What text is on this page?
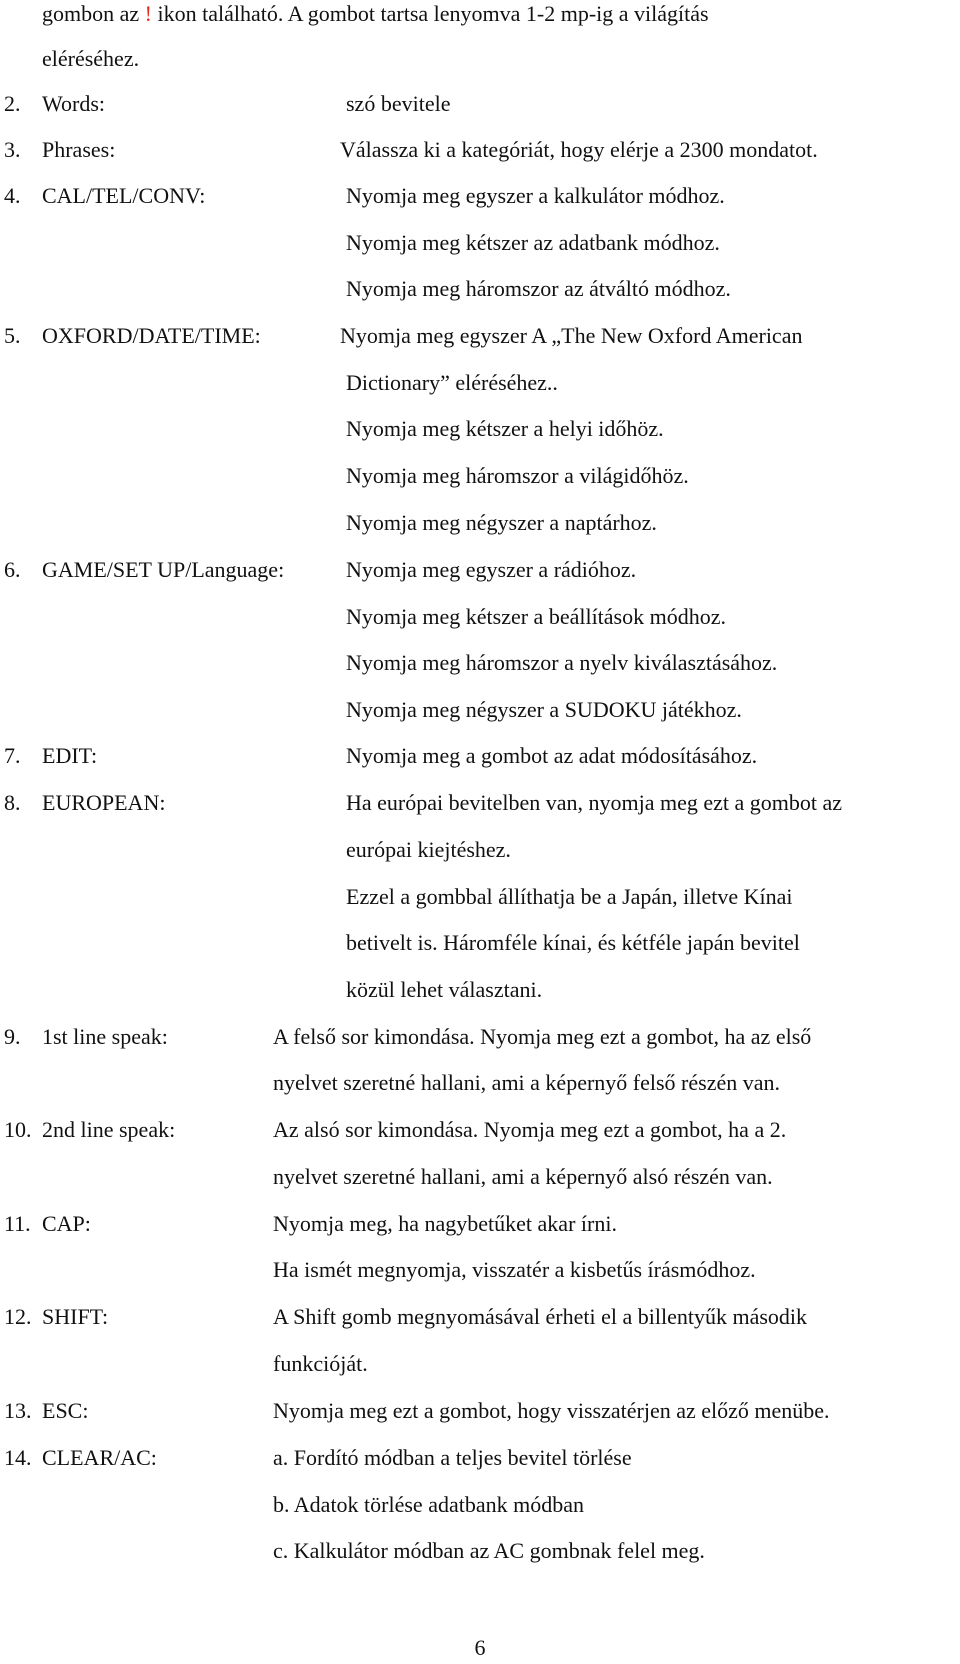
gombon az ! ikon található. A gombot tartsa lenyomva 1-2 mp-ig a világítás
eléréséhez.
2. Words:	szó bevitele
3. Phrases:	Válassza ki a kategóriát, hogy elérje a 2300 mondatot.
4. CAL/TEL/CONV:	Nyomja meg egyszer a kalkulátor módhoz.
Nyomja meg kétszer az adatbank módhoz.
Nyomja meg háromszor az átváltó módhoz.
5. OXFORD/DATE/TIME:	Nyomja meg egyszer A „The New Oxford American
Dictionary” eléréséhez..
Nyomja meg kétszer a helyi időhöz.
Nyomja meg háromszor a világidőhöz.
Nyomja meg négyszer a naptárhoz.
6. GAME/SET UP/Language:	Nyomja meg egyszer a rádióhoz.
Nyomja meg kétszer a beállítások módhoz.
Nyomja meg háromszor a nyelv kiválasztásához.
Nyomja meg négyszer a SUDOKU játékhoz.
7. EDIT:	Nyomja meg a gombot az adat módosításához.
8. EUROPEAN:	Ha európai bevitelben van, nyomja meg ezt a gombot az
európai kiejtéshez.
Ezzel a gombbal állíthatja be a Japán, illetve Kínai
betivelt is. Háromféle kínai, és kétféle japán bevitel
közül lehet választani.
9. 1st line speak:	A felső sor kimondása. Nyomja meg ezt a gombot, ha az első
nyelvet szeretné hallani, ami a képernyő felső részén van.
10. 2nd line speak:	Az alsó sor kimondása. Nyomja meg ezt a gombot, ha a 2.
nyelvet szeretné hallani, ami a képernyő alsó részén van.
11. CAP:	Nyomja meg, ha nagybetűket akar írni.
Ha ismét megnyomja, visszatér a kisbetűs írásmódhoz.
12. SHIFT:	A Shift gomb megnyomásával érheti el a billentyűk második
funkcióját.
13. ESC:	Nyomja meg ezt a gombot, hogy visszatérjen az előző menübe.
14. CLEAR/AC:	a. Fordító módban a teljes bevitel törlése
b. Adatok törlése adatbank módban
c. Kalkulátor módban az AC gombnak felel meg.
6
